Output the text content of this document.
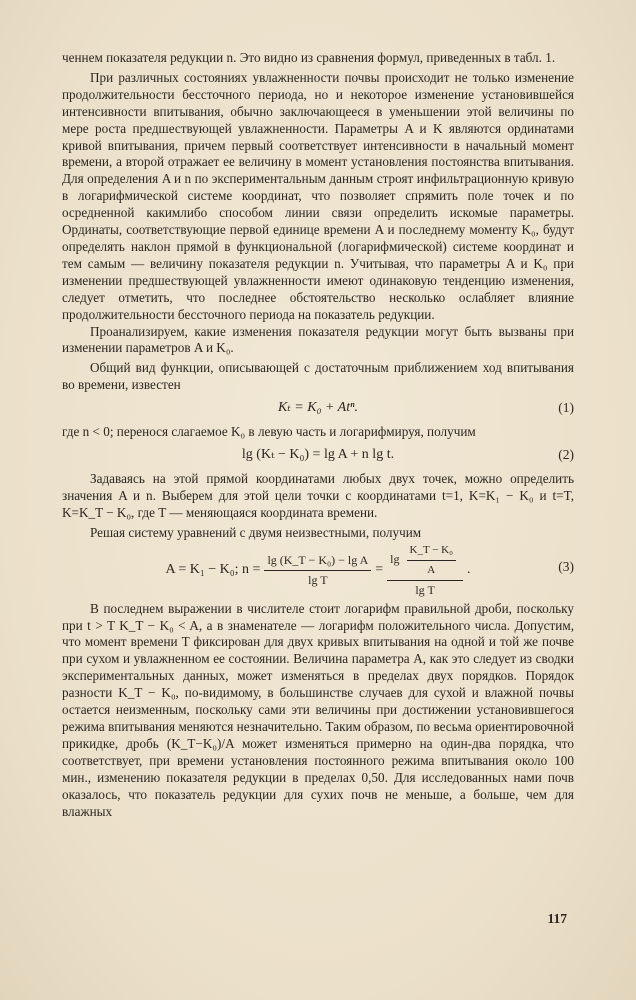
ченнем показателя редукции n. Это видно из сравнения формул, приведенных в табл. 1.

При различных состояниях увлажненности почвы происходит не только изменение продолжительности бессточного периода, но и некоторое изменение установившейся интенсивности впитывания, обычно заключающееся в уменьшении этой величины по мере роста предшествующей увлажненности. Параметры A и K являются ординатами кривой впитывания, причем первый соответствует интенсивности в начальный момент времени, а второй отражает ее величину в момент установления постоянства впитывания. Для определения A и n по экспериментальным данным строят инфильтрационную кривую в логарифмической системе координат, что позволяет спрямить поле точек и по осредненной какимлибо способом линии связи определить искомые параметры. Ординаты, соответствующие первой единице времени A и последнему моменту K₀, будут определять наклон прямой в функциональной (логарифмической) системе координат и тем самым — величину показателя редукции n. Учитывая, что параметры A и K₀ при изменении предшествующей увлажненности имеют одинаковую тенденцию изменения, следует отметить, что последнее обстоятельство несколько ослабляет влияние продолжительности бессточного периода на показатель редукции.

Проанализируем, какие изменения показателя редукции могут быть вызваны при изменении параметров A и K₀.

Общий вид функции, описывающей с достаточным приближением ход впитывания во времени, известен

Kₜ = K₀ + Atⁿ.	(1)

где n < 0; перенося слагаемое K₀ в левую часть и логарифмируя, получим

lg (Kₜ − K₀) = lg A + n lg t.	(2)

Задаваясь на этой прямой координатами любых двух точек, можно определить значения A и n. Выберем для этой цели точки с координатами t=1, K=K₁ − K₀ и t=T, K=K_T − K₀, где T — меняющаяся координата времени.

Решая систему уравнений с двумя неизвестными, получим

A = K₁ − K₀; $n = \frac{\text{lg (K\_T − K₀) − lg A}}{\text{lg T}} = \frac{\lg \frac{\text{K\_T − K₀}}{A}}{\text{lg T}}$ .	(3)

В последнем выражении в числителе стоит логарифм правильной дроби, поскольку при t > T K_T − K₀ < A, а в знаменателе — логарифм положительного числа. Допустим, что момент времени T фиксирован для двух кривых впитывания на одной и той же почве при сухом и увлажненном ее состоянии. Величина параметра A, как это следует из сводки экспериментальных данных, может изменяться в пределах двух порядков. Порядок разности K_T − K₀, по-видимому, в большинстве случаев для сухой и влажной почвы остается неизменным, поскольку сами эти величины при достижении установившегося режима впитывания меняются незначительно. Таким образом, по весьма ориентировочной прикидке, дробь (K_T−K₀)/A может изменяться примерно на один-два порядка, что соответствует, при времени установления постоянного режима впитывания около 100 мин., изменению показателя редукции в пределах 0,50. Для исследованных нами почв оказалось, что показатель редукции для сухих почв не меньше, а больше, чем для влажных

117
